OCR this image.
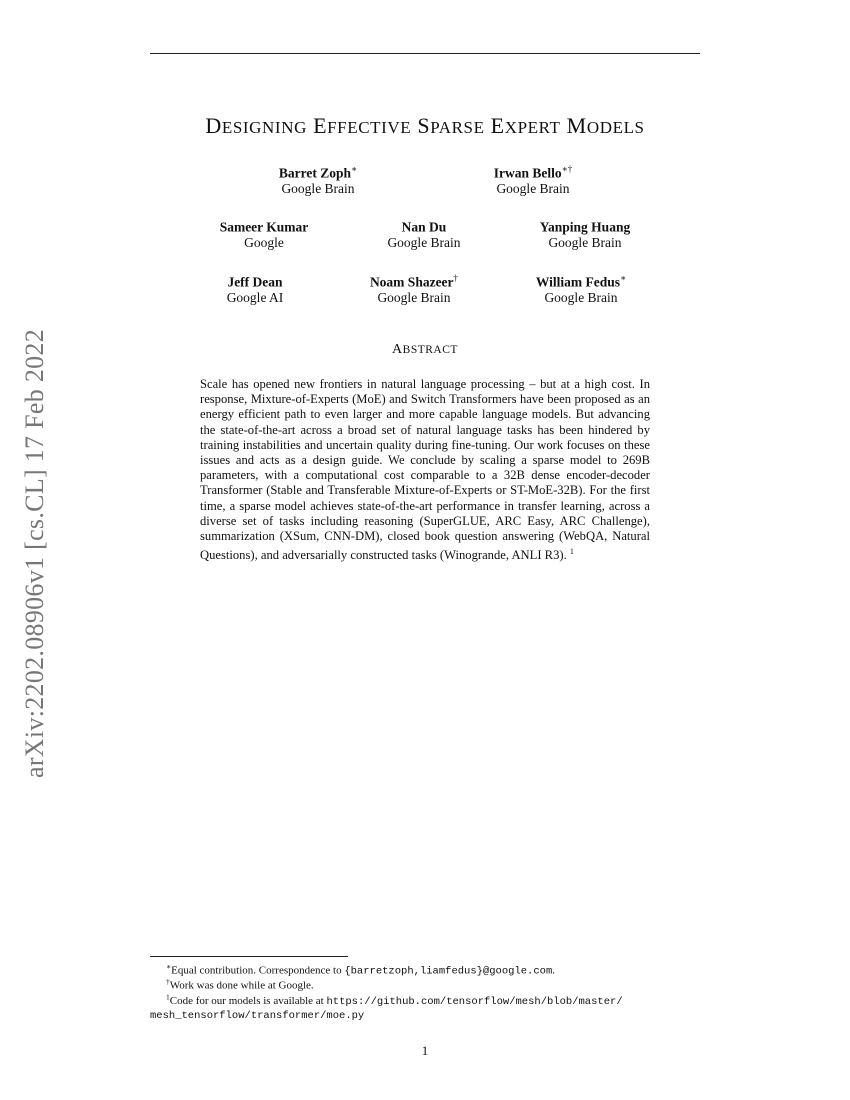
arXiv:2202.08906v1 [cs.CL] 17 Feb 2022
DESIGNING EFFECTIVE SPARSE EXPERT MODELS
Barret Zoph∗
Google Brain
Irwan Bello∗†
Google Brain
Sameer Kumar
Google
Nan Du
Google Brain
Yanping Huang
Google Brain
Jeff Dean
Google AI
Noam Shazeer†
Google Brain
William Fedus∗
Google Brain
ABSTRACT
Scale has opened new frontiers in natural language processing – but at a high cost. In response, Mixture-of-Experts (MoE) and Switch Transformers have been proposed as an energy efficient path to even larger and more capable language models. But advancing the state-of-the-art across a broad set of natural language tasks has been hindered by training instabilities and uncertain quality during fine-tuning. Our work focuses on these issues and acts as a design guide. We conclude by scaling a sparse model to 269B parameters, with a computational cost comparable to a 32B dense encoder-decoder Transformer (Stable and Transferable Mixture-of-Experts or ST-MoE-32B). For the first time, a sparse model achieves state-of-the-art performance in transfer learning, across a diverse set of tasks including reasoning (SuperGLUE, ARC Easy, ARC Challenge), summarization (XSum, CNN-DM), closed book question answering (WebQA, Natural Questions), and adversarially constructed tasks (Winogrande, ANLI R3). $^1$
∗Equal contribution. Correspondence to {barretzoph,liamfedus}@google.com.
†Work was done while at Google.
$^1$Code for our models is available at https://github.com/tensorflow/mesh/blob/master/
mesh_tensorflow/transformer/moe.py
1
